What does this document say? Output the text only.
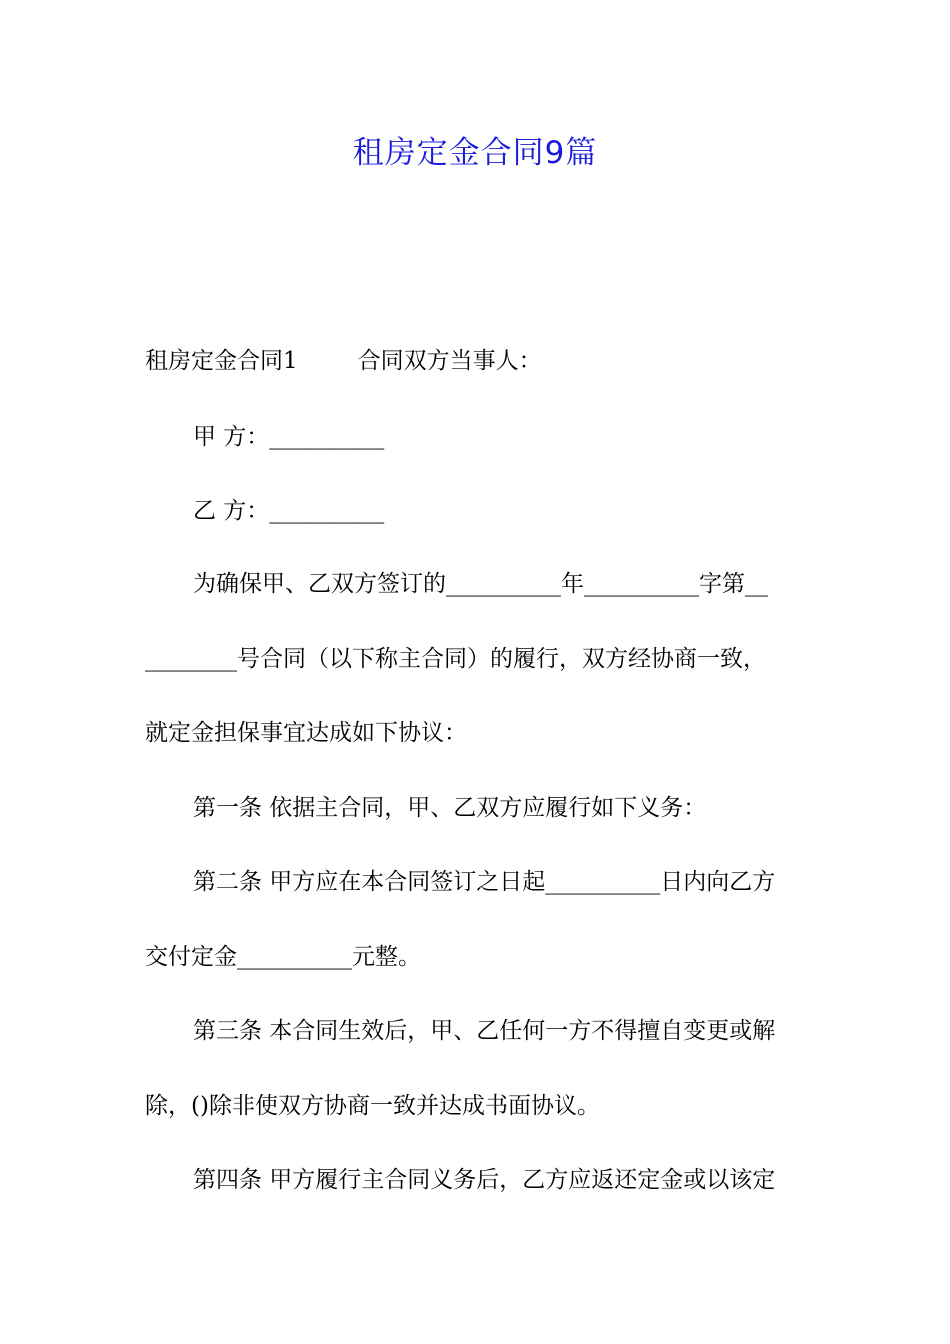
租房定金合同9篇
租房定金合同1	合同双方当事人：
甲 方：__________
乙 方：__________
为确保甲、乙双方签订的__________年__________字第__
________号合同（以下称主合同）的履行，双方经协商一致，
就定金担保事宜达成如下协议：
第一条 依据主合同，甲、乙双方应履行如下义务：
第二条 甲方应在本合同签订之日起__________日内向乙方
交付定金__________元整。
第三条 本合同生效后，甲、乙任何一方不得擅自变更或解
除，()除非使双方协商一致并达成书面协议。
第四条 甲方履行主合同义务后，乙方应返还定金或以该定
